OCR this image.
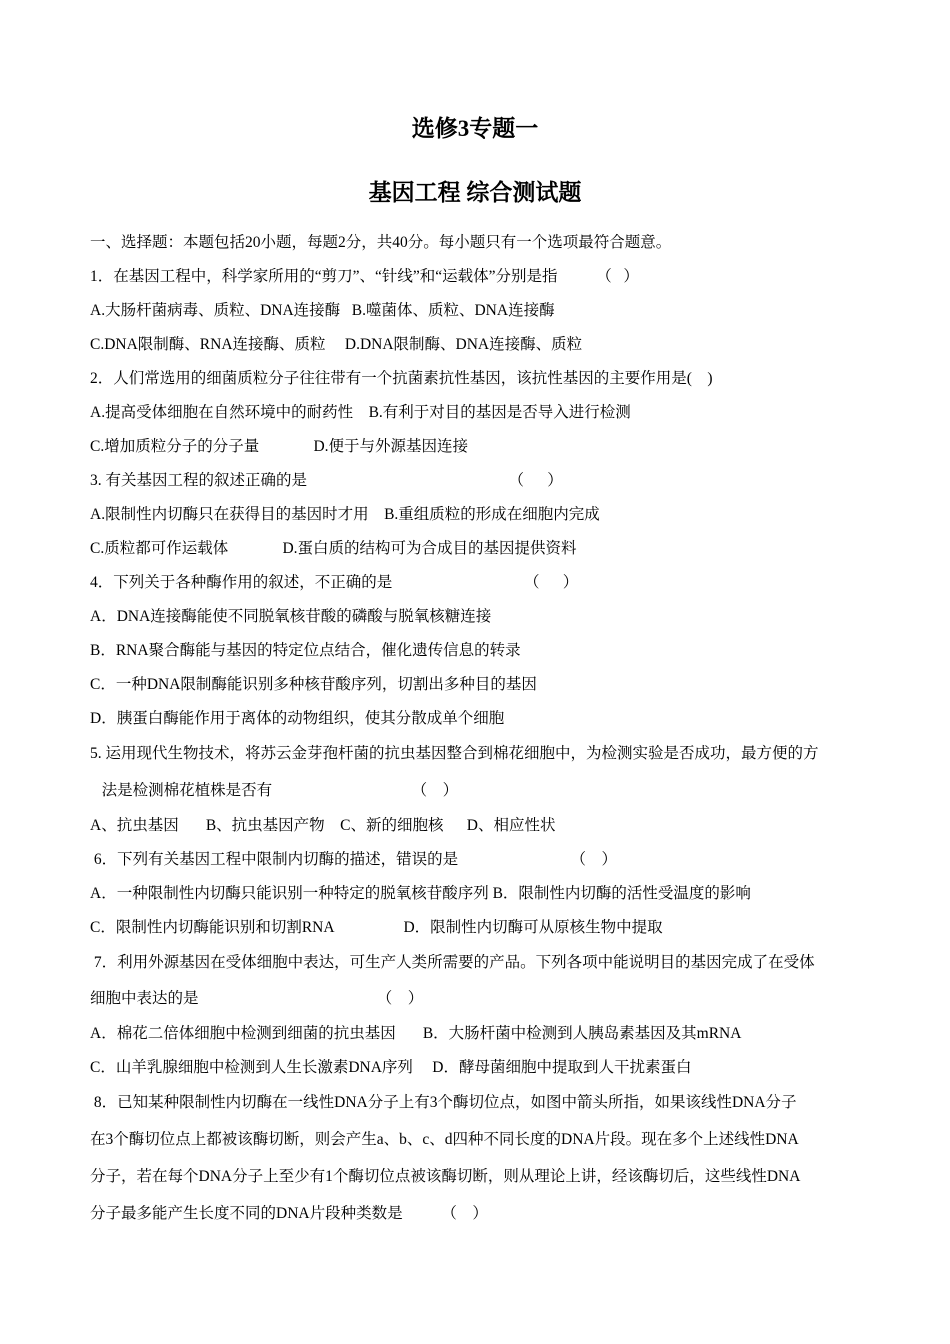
选修3专题一
基因工程 综合测试题
一、选择题：本题包括20小题，每题2分，共40分。每小题只有一个选项最符合题意。
1．在基因工程中，科学家所用的“剪刀”、“针线”和“运载体”分别是指          （   ）
A.大肠杆菌病毒、质粒、DNA连接酶   B.噬菌体、质粒、DNA连接酶
C.DNA限制酶、RNA连接酶、质粒     D.DNA限制酶、DNA连接酶、质粒
2．人们常选用的细菌质粒分子往往带有一个抗菌素抗性基因，该抗性基因的主要作用是(    )
A.提高受体细胞在自然环境中的耐药性    B.有利于对目的基因是否导入进行检测
C.增加质粒分子的分子量              D.便于与外源基因连接
3. 有关基因工程的叙述正确的是                                                    （      ）
A.限制性内切酶只在获得目的基因时才用    B.重组质粒的形成在细胞内完成
C.质粒都可作运载体              D.蛋白质的结构可为合成目的基因提供资料
4．下列关于各种酶作用的叙述，不正确的是                                  （      ）
A．DNA连接酶能使不同脱氧核苷酸的磷酸与脱氧核糖连接
B．RNA聚合酶能与基因的特定位点结合，催化遗传信息的转录
C．一种DNA限制酶能识别多种核苷酸序列，切割出多种目的基因
D．胰蛋白酶能作用于离体的动物组织，使其分散成单个细胞
5. 运用现代生物技术，将苏云金芽孢杆菌的抗虫基因整合到棉花细胞中，为检测实验是否成功，最方便的方
法是检测棉花植株是否有                                    （    ）
A、抗虫基因       B、抗虫基因产物    C、新的细胞核      D、相应性状
6．下列有关基因工程中限制内切酶的描述，错误的是                             （    ）
A．一种限制性内切酶只能识别一种特定的脱氧核苷酸序列 B．限制性内切酶的活性受温度的影响
C．限制性内切酶能识别和切割RNA                  D．限制性内切酶可从原核生物中提取
7．利用外源基因在受体细胞中表达，可生产人类所需要的产品。下列各项中能说明目的基因完成了在受体
细胞中表达的是                                              （    ）
A．棉花二倍体细胞中检测到细菌的抗虫基因       B．大肠杆菌中检测到人胰岛素基因及其mRNA
C．山羊乳腺细胞中检测到人生长激素DNA序列     D．酵母菌细胞中提取到人干扰素蛋白
8．已知某种限制性内切酶在一线性DNA分子上有3个酶切位点，如图中箭头所指，如果该线性DNA分子
在3个酶切位点上都被该酶切断，则会产生a、b、c、d四种不同长度的DNA片段。现在多个上述线性DNA
分子，若在每个DNA分子上至少有1个酶切位点被该酶切断，则从理论上讲，经该酶切后，这些线性DNA
分子最多能产生长度不同的DNA片段种类数是          （    ）
